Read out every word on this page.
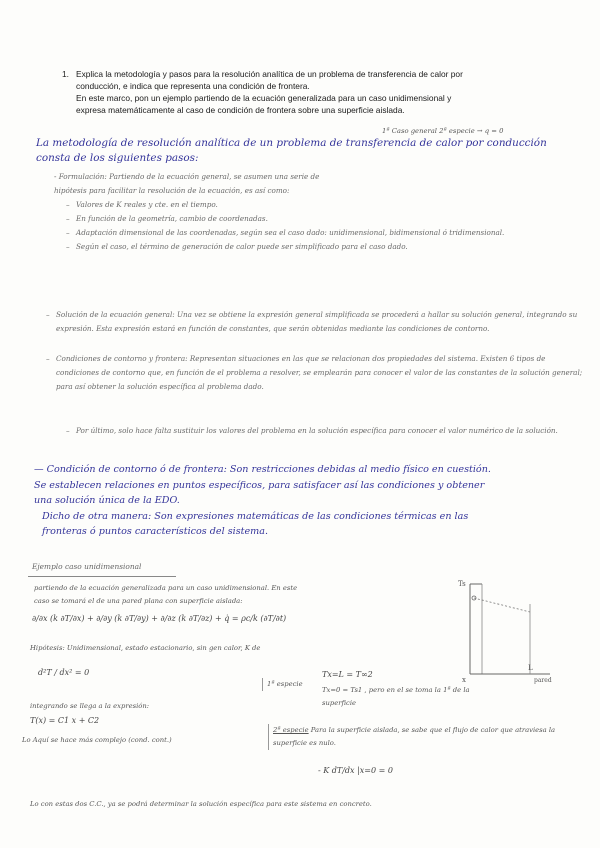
1. Explica la metodología y pasos para la resolución analítica de un problema de transferencia de calor por

conducción, e indica que representa una condición de frontera.

En este marco, pon un ejemplo partiendo de la ecuación generalizada para un caso unidimensional y

expresa matemáticamente al caso de condición de frontera sobre una superficie aislada.

1ª Caso general 2ª especie → q = 0
La metodología de resolución analítica de un problema de transferencia de calor por conducción consta de los siguientes pasos:
- Formulación: Partiendo de la ecuación general, se asumen una serie de
hipótesis para facilitar la resolución de la ecuación, es así como:
– Valores de K reales y cte. en el tiempo.
– En función de la geometría, cambio de coordenadas.
– Adaptación dimensional de las coordenadas, según sea el caso dado: unidimensional, bidimensional ó tridimensional.
– Según el caso, el término de generación de calor puede ser simplificado para el caso dado.
– Solución de la ecuación general: Una vez se obtiene la expresión general simplificada se procederá a hallar su solución general, integrando su expresión. Esta expresión estará en función de constantes, que serán obtenidas mediante las condiciones de contorno.
– Condiciones de contorno y frontera: Representan situaciones en las que se relacionan dos propiedades del sistema. Existen 6 tipos de condiciones de contorno que, en función de el problema a resolver, se emplearán para conocer el valor de las constantes de la solución general; para así obtener la solución específica al problema dado.
– Por último, solo hace falta sustituir los valores del problema en la solución específica para conocer el valor numérico de la solución.
— Condición de contorno ó de frontera: Son restricciones debidas al medio físico en cuestión.
Se establecen relaciones en puntos específicos, para satisfacer así las condiciones y obtener
una solución única de la EDO.
Dicho de otra manera: Son expresiones matemáticas de las condiciones térmicas en las
fronteras ó puntos característicos del sistema.
Ejemplo caso unidimensional
partiendo de la ecuación generalizada para un caso unidimensional. En este
caso se tomará el de una pared plana con superficie aislada:
∂/∂x (k ∂T/∂x) + ∂/∂y (k ∂T/∂y) + ∂/∂z (k ∂T/∂z) + q̇ = ρc/k (∂T/∂t)
Hipótesis: Unidimensional, estado estacionario, sin gen calor, K de
d²T / dx² = 0
integrando se llega a la expresión:
T(x) = C1 x + C2
Lo Aquí se hace más complejo (cond. cont.)
1ª especie
Tx=L = T∞2
Tx=0 = Ts1 , pero en el se toma la 1ª de la superficie
2ª especie Para la superficie aislada, se sabe que el flujo de calor que atraviesa la superficie es nulo.
- K dT/dx |x=0 = 0
Lo con estas dos C.C., ya se podrá determinar la solución específica para este sistema en concreto.
Ts
x
L
pared
